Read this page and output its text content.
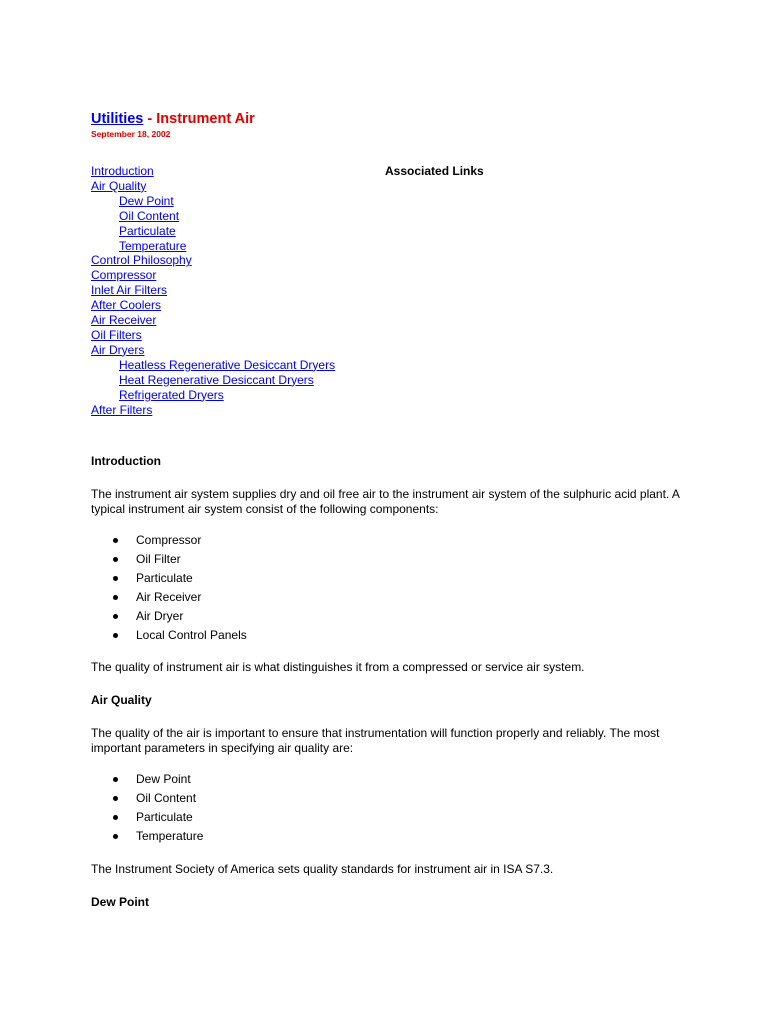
Utilities - Instrument Air
September 18, 2002
Introduction
Air Quality
Dew Point
Oil Content
Particulate
Temperature
Control Philosophy
Compressor
Inlet Air Filters
After Coolers
Air Receiver
Oil Filters
Air Dryers
Heatless Regenerative Desiccant Dryers
Heat Regenerative Desiccant Dryers
Refrigerated Dryers
After Filters
Associated Links
Introduction

The instrument air system supplies dry and oil free air to the instrument air system of the sulphuric acid plant. A typical instrument air system consist of the following components:

Compressor
Oil Filter
Particulate
Air Receiver
Air Dryer
Local Control Panels

The quality of instrument air is what distinguishes it from a compressed or service air system.

Air Quality

The quality of the air is important to ensure that instrumentation will function properly and reliably. The most important parameters in specifying air quality are:

Dew Point
Oil Content
Particulate
Temperature

The Instrument Society of America sets quality standards for instrument air in ISA S7.3.

Dew Point
